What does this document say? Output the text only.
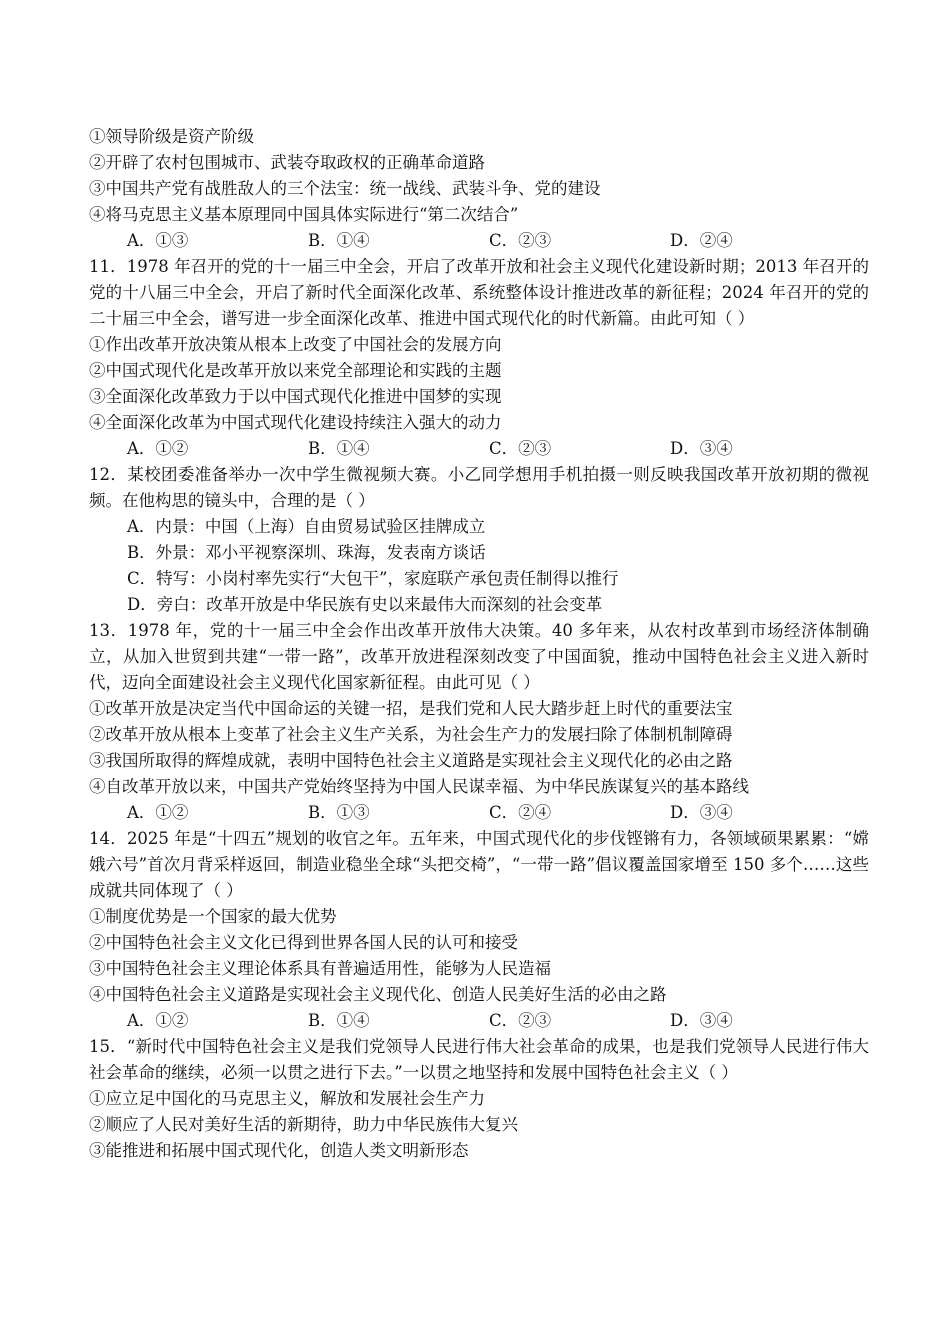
①领导阶级是资产阶级
②开辟了农村包围城市、武装夺取政权的正确革命道路
③中国共产党有战胜敌人的三个法宝：统一战线、武装斗争、党的建设
④将马克思主义基本原理同中国具体实际进行“第二次结合”
A．①③	B．①④	C．②③	D．②④
11．1978 年召开的党的十一届三中全会，开启了改革开放和社会主义现代化建设新时期；2013 年召开的党的十八届三中全会，开启了新时代全面深化改革、系统整体设计推进改革的新征程；2024 年召开的党的二十届三中全会，谱写进一步全面深化改革、推进中国式现代化的时代新篇。由此可知（ ）
①作出改革开放决策从根本上改变了中国社会的发展方向
②中国式现代化是改革开放以来党全部理论和实践的主题
③全面深化改革致力于以中国式现代化推进中国梦的实现
④全面深化改革为中国式现代化建设持续注入强大的动力
A．①②	B．①④	C．②③	D．③④
12．某校团委准备举办一次中学生微视频大赛。小乙同学想用手机拍摄一则反映我国改革开放初期的微视频。在他构思的镜头中，合理的是（ ）
A．内景：中国（上海）自由贸易试验区挂牌成立
B．外景：邓小平视察深圳、珠海，发表南方谈话
C．特写：小岗村率先实行“大包干”，家庭联产承包责任制得以推行
D．旁白：改革开放是中华民族有史以来最伟大而深刻的社会变革
13．1978 年，党的十一届三中全会作出改革开放伟大决策。40 多年来，从农村改革到市场经济体制确立，从加入世贸到共建“一带一路”，改革开放进程深刻改变了中国面貌，推动中国特色社会主义进入新时代，迈向全面建设社会主义现代化国家新征程。由此可见（ ）
①改革开放是决定当代中国命运的关键一招，是我们党和人民大踏步赶上时代的重要法宝
②改革开放从根本上变革了社会主义生产关系，为社会生产力的发展扫除了体制机制障碍
③我国所取得的辉煌成就，表明中国特色社会主义道路是实现社会主义现代化的必由之路
④自改革开放以来，中国共产党始终坚持为中国人民谋幸福、为中华民族谋复兴的基本路线
A．①②	B．①③	C．②④	D．③④
14．2025 年是“十四五”规划的收官之年。五年来，中国式现代化的步伐铿锵有力，各领域硕果累累：“嫦娥六号”首次月背采样返回，制造业稳坐全球“头把交椅”，“一带一路”倡议覆盖国家增至 150 多个……这些成就共同体现了（ ）
①制度优势是一个国家的最大优势
②中国特色社会主义文化已得到世界各国人民的认可和接受
③中国特色社会主义理论体系具有普遍适用性，能够为人民造福
④中国特色社会主义道路是实现社会主义现代化、创造人民美好生活的必由之路
A．①②	B．①④	C．②③	D．③④
15．“新时代中国特色社会主义是我们党领导人民进行伟大社会革命的成果，也是我们党领导人民进行伟大社会革命的继续，必须一以贯之进行下去。”一以贯之地坚持和发展中国特色社会主义（ ）
①应立足中国化的马克思主义，解放和发展社会生产力
②顺应了人民对美好生活的新期待，助力中华民族伟大复兴
③能推进和拓展中国式现代化，创造人类文明新形态
